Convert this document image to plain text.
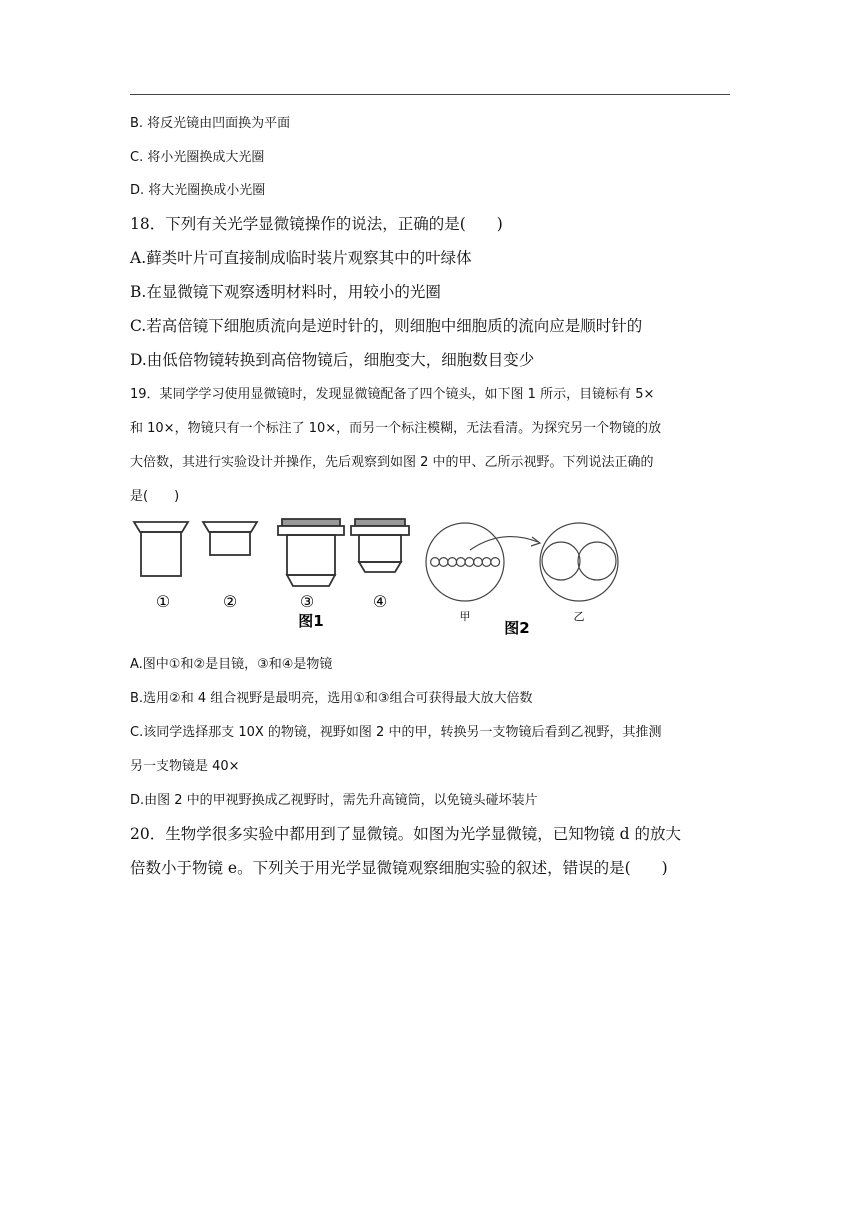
B. 将反光镜由凹面换为平面
C. 将小光圈换成大光圈
D. 将大光圈换成小光圈
18．下列有关光学显微镜操作的说法，正确的是(　　)
A.藓类叶片可直接制成临时装片观察其中的叶绿体
B.在显微镜下观察透明材料时，用较小的光圈
C.若高倍镜下细胞质流向是逆时针的，则细胞中细胞质的流向应是顺时针的
D.由低倍物镜转换到高倍物镜后，细胞变大，细胞数目变少
19．某同学学习使用显微镜时，发现显微镜配备了四个镜头，如下图 1 所示，目镜标有 5×
和 10×，物镜只有一个标注了 10×，而另一个标注模糊，无法看清。为探究另一个物镜的放
大倍数，其进行实验设计并操作，先后观察到如图 2 中的甲、乙所示视野。下列说法正确的
是(　　)
①	②	③	④
图1	甲
图2
乙
A.图中①和②是目镜，③和④是物镜
B.选用②和 4 组合视野是最明亮，选用①和③组合可获得最大放大倍数
C.该同学选择那支 10X 的物镜，视野如图 2 中的甲，转换另一支物镜后看到乙视野，其推测
另一支物镜是 40×
D.由图 2 中的甲视野换成乙视野时，需先升高镜筒，以免镜头碰坏装片
20．生物学很多实验中都用到了显微镜。如图为光学显微镜，已知物镜 d 的放大
倍数小于物镜 e。下列关于用光学显微镜观察细胞实验的叙述，错误的是(　　)
